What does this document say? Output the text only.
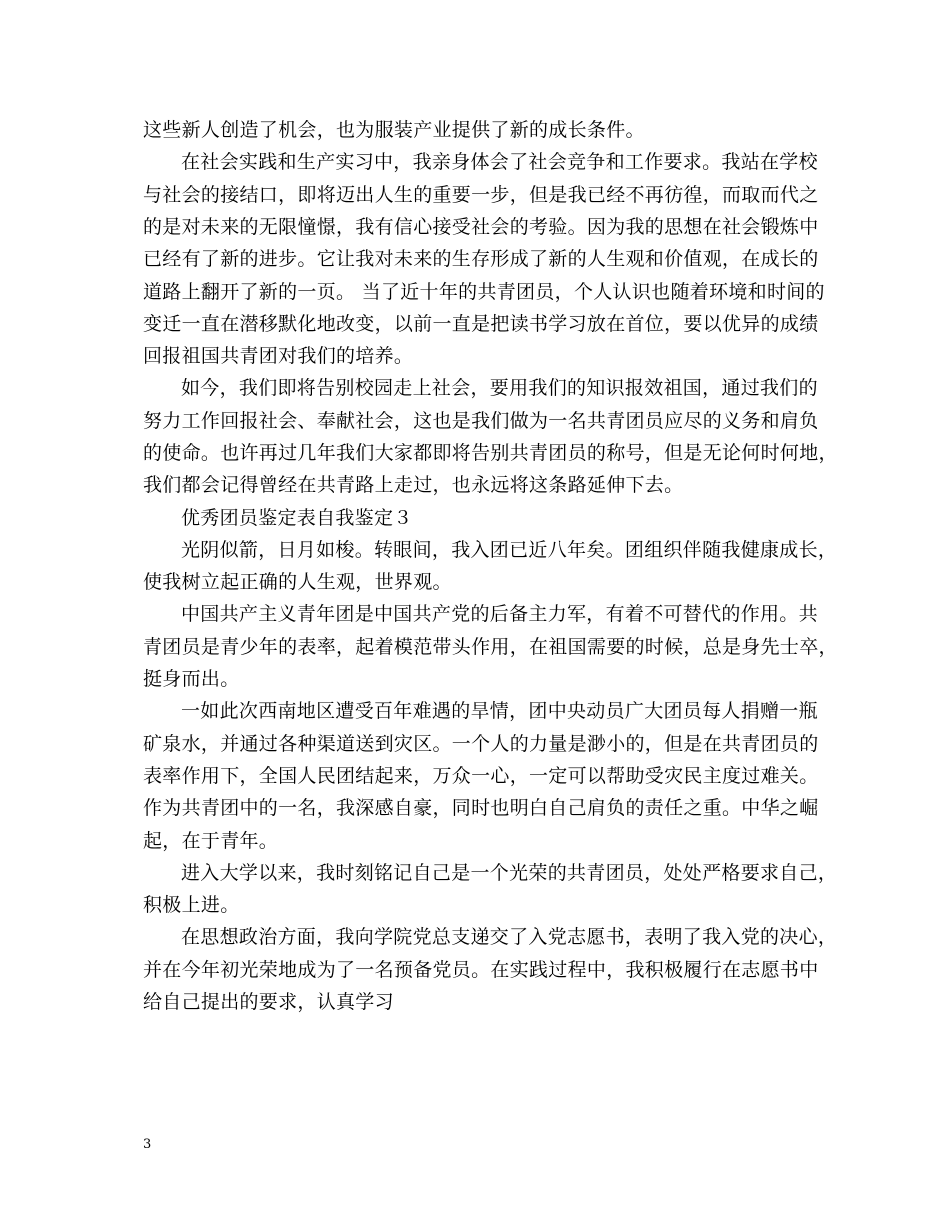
这些新人创造了机会，也为服装产业提供了新的成长条件。
在社会实践和生产实习中，我亲身体会了社会竞争和工作要求。我站在学校
与社会的接结口，即将迈出人生的重要一步，但是我已经不再彷徨，而取而代之
的是对未来的无限憧憬，我有信心接受社会的考验。因为我的思想在社会锻炼中
已经有了新的进步。它让我对未来的生存形成了新的人生观和价值观，在成长的
道路上翻开了新的一页。 当了近十年的共青团员，个人认识也随着环境和时间的
变迁一直在潜移默化地改变，以前一直是把读书学习放在首位，要以优异的成绩
回报祖国共青团对我们的培养。
如今，我们即将告别校园走上社会，要用我们的知识报效祖国，通过我们的
努力工作回报社会、奉献社会，这也是我们做为一名共青团员应尽的义务和肩负
的使命。也许再过几年我们大家都即将告别共青团员的称号，但是无论何时何地，
我们都会记得曾经在共青路上走过，也永远将这条路延伸下去。
优秀团员鉴定表自我鉴定３
光阴似箭，日月如梭。转眼间，我入团已近八年矣。团组织伴随我健康成长，
使我树立起正确的人生观，世界观。
中国共产主义青年团是中国共产党的后备主力军，有着不可替代的作用。共
青团员是青少年的表率，起着模范带头作用，在祖国需要的时候，总是身先士卒，
挺身而出。
一如此次西南地区遭受百年难遇的旱情，团中央动员广大团员每人捐赠一瓶
矿泉水，并通过各种渠道送到灾区。一个人的力量是渺小的，但是在共青团员的
表率作用下，全国人民团结起来，万众一心，一定可以帮助受灾民主度过难关。
作为共青团中的一名，我深感自豪，同时也明白自己肩负的责任之重。中华之崛
起，在于青年。
进入大学以来，我时刻铭记自己是一个光荣的共青团员，处处严格要求自己，
积极上进。
在思想政治方面，我向学院党总支递交了入党志愿书，表明了我入党的决心，
并在今年初光荣地成为了一名预备党员。在实践过程中，我积极履行在志愿书中
给自己提出的要求，认真学习
3
